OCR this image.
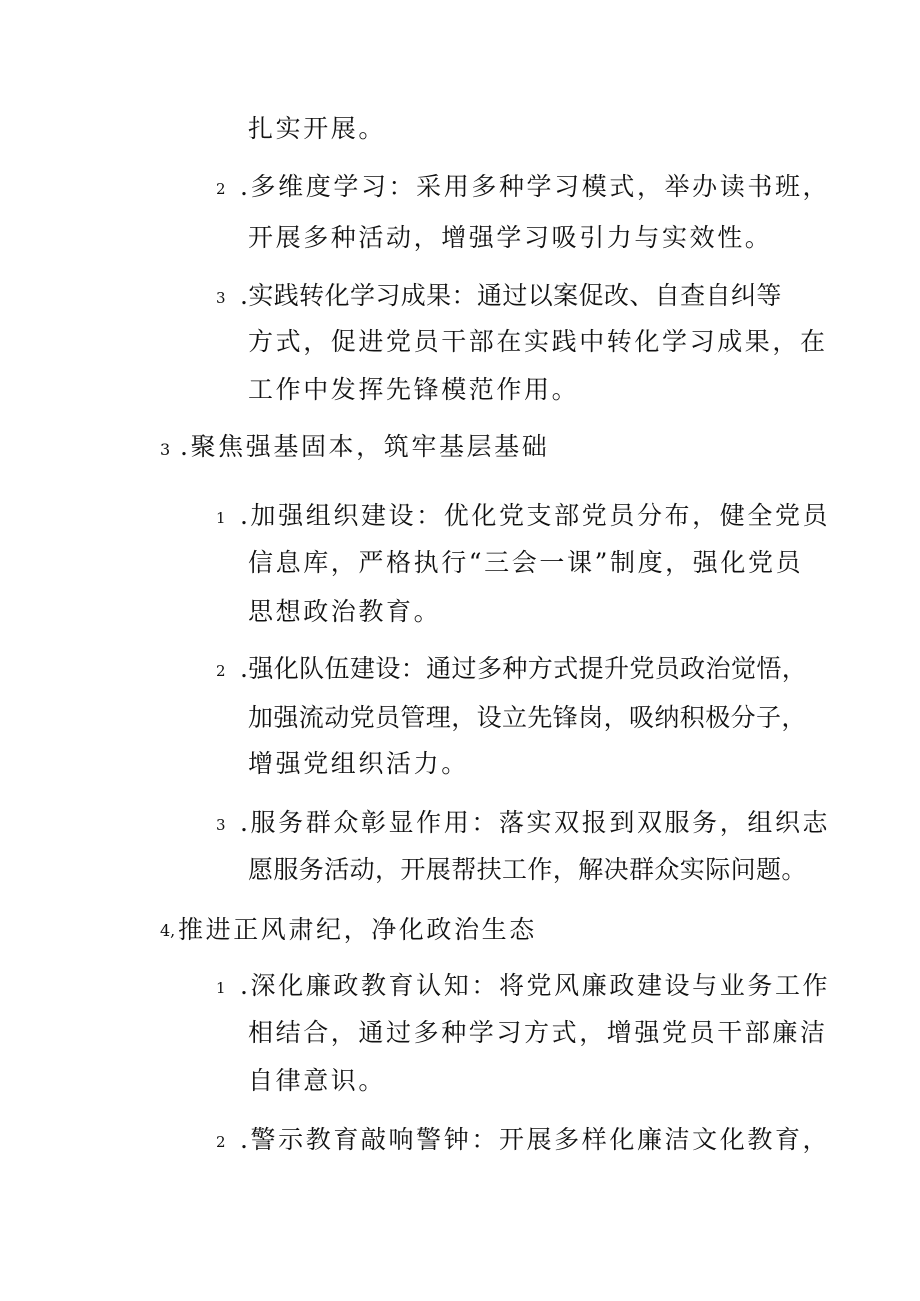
扎实开展。
2 .多维度学习：采用多种学习模式，举办读书班，
开展多种活动，增强学习吸引力与实效性。
3 .实践转化学习成果：通过以案促改、自查自纠等
方式，促进党员干部在实践中转化学习成果，在
工作中发挥先锋模范作用。
3 .聚焦强基固本，筑牢基层基础
1 .加强组织建设：优化党支部党员分布，健全党员
信息库，严格执行“三会一课”制度，强化党员
思想政治教育。
2 .强化队伍建设：通过多种方式提升党员政治觉悟，
加强流动党员管理，设立先锋岗，吸纳积极分子，
增强党组织活力。
3 .服务群众彰显作用：落实双报到双服务，组织志
愿服务活动，开展帮扶工作，解决群众实际问题。
4, 推进正风肃纪，净化政治生态
1 .深化廉政教育认知：将党风廉政建设与业务工作
相结合，通过多种学习方式，增强党员干部廉洁
自律意识。
2 .警示教育敲响警钟：开展多样化廉洁文化教育，
